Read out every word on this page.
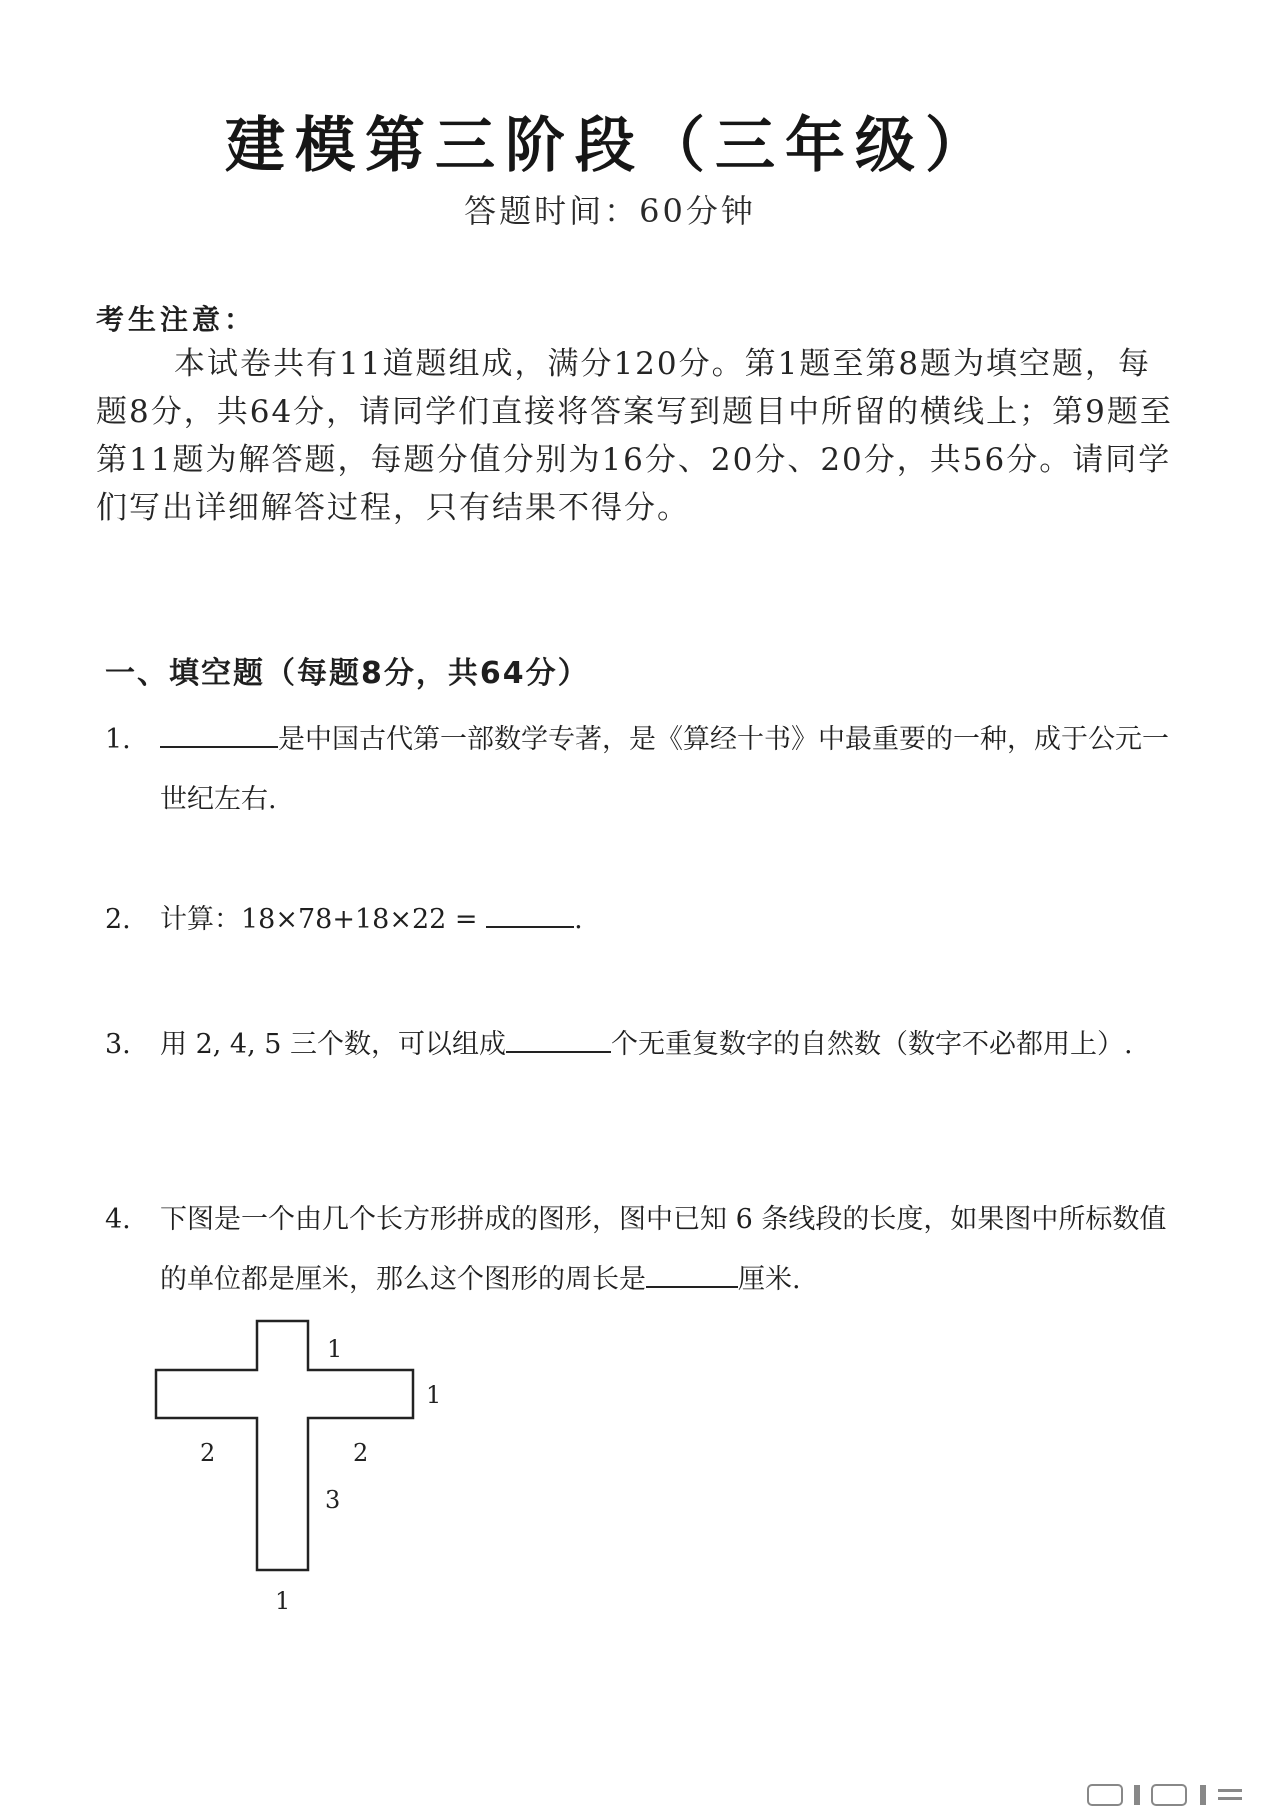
建模第三阶段（三年级）
答题时间：60分钟
考生注意：
本试卷共有11道题组成，满分120分。第1题至第8题为填空题，每题8分，共64分，请同学们直接将答案写到题目中所留的横线上；第9题至第11题为解答题，每题分值分别为16分、20分、20分，共56分。请同学们写出详细解答过程，只有结果不得分。
一、填空题（每题8分，共64分）
1.	是中国古代第一部数学专著，是《算经十书》中最重要的一种，成于公元一世纪左右.
2. 计算：18×78+18×22 =	.
3. 用 2, 4, 5 三个数，可以组成	个无重复数字的自然数（数字不必都用上）.
4. 下图是一个由几个长方形拼成的图形，图中已知 6 条线段的长度，如果图中所标数值的单位都是厘米，那么这个图形的周长是	厘米.
1
1
2	2
3
1
